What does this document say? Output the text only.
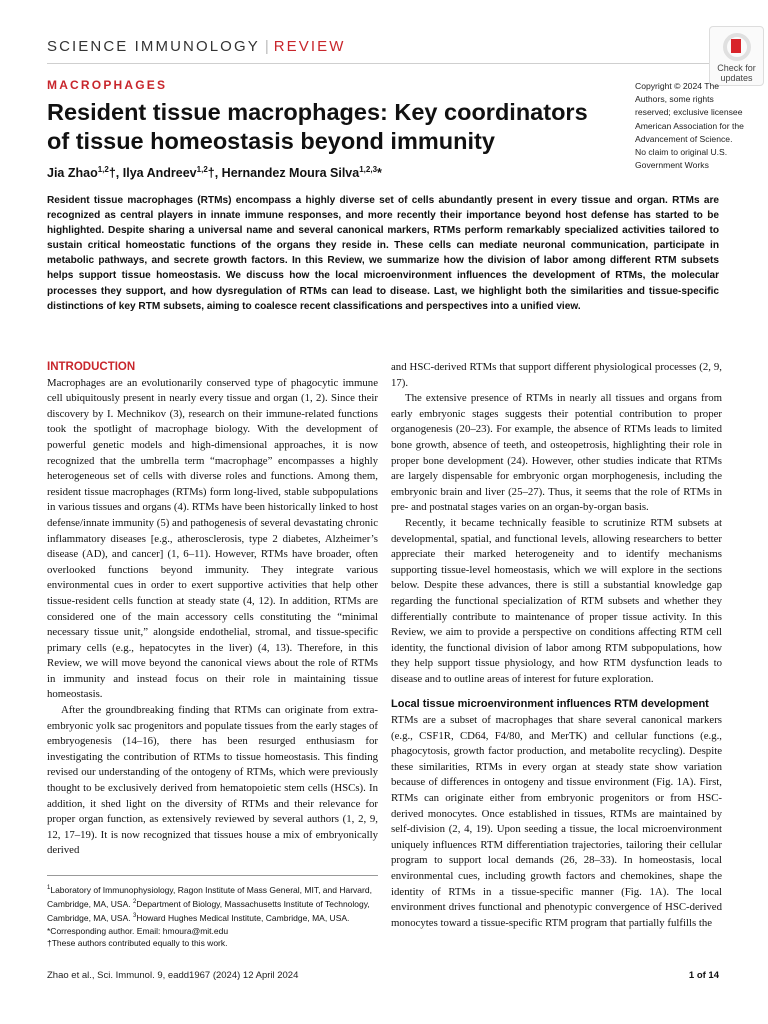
SCIENCE IMMUNOLOGY | REVIEW
Check for
updates
MACROPHAGES
Resident tissue macrophages: Key coordinators of tissue homeostasis beyond immunity
Jia Zhao$^{1,2}$†, Ilya Andreev$^{1,2}$†, Hernandez Moura Silva$^{1,2,3}$*
Copyright © 2024 The Authors, some rights reserved; exclusive licensee American Association for the Advancement of Science. No claim to original U.S. Government Works
Resident tissue macrophages (RTMs) encompass a highly diverse set of cells abundantly present in every tissue and organ. RTMs are recognized as central players in innate immune responses, and more recently their importance beyond host defense has started to be highlighted. Despite sharing a universal name and several canonical markers, RTMs perform remarkably specialized activities tailored to sustain critical homeostatic functions of the organs they reside in. These cells can mediate neuronal communication, participate in metabolic pathways, and secrete growth factors. In this Review, we summarize how the division of labor among different RTM subsets helps support tissue homeostasis. We discuss how the local microenvironment influences the development of RTMs, the molecular processes they support, and how dysregulation of RTMs can lead to disease. Last, we highlight both the similarities and tissue-specific distinctions of key RTM subsets, aiming to coalesce recent classifications and perspectives into a unified view.
INTRODUCTION

Macrophages are an evolutionarily conserved type of phagocytic immune cell ubiquitously present in nearly every tissue and organ (1, 2). Since their discovery by I. Mechnikov (3), research on their immune-related functions took the spotlight of macrophage biology. With the development of powerful genetic models and high-dimensional approaches, it is now recognized that the umbrella term “macrophage” encompasses a highly heterogeneous set of cells with diverse roles and functions. Among them, resident tissue macrophages (RTMs) form long-lived, stable subpopulations in various tissues and organs (4). RTMs have been historically linked to host defense/innate immunity (5) and pathogenesis of several devastating chronic inflammatory diseases [e.g., atherosclerosis, type 2 diabetes, Alzheimer’s disease (AD), and cancer] (1, 6–11). However, RTMs have broader, often overlooked functions beyond immunity. They integrate various environmental cues in order to exert supportive activities that help other tissue-resident cells function at steady state (4, 12). In addition, RTMs are considered one of the main accessory cells constituting the “minimal necessary tissue unit,” alongside endothelial, stromal, and tissue-specific primary cells (e.g., hepatocytes in the liver) (4, 13). Therefore, in this Review, we will move beyond the canonical views about the role of RTMs in immunity and instead focus on their role in maintaining tissue homeostasis.

After the groundbreaking finding that RTMs can originate from extra-embryonic yolk sac progenitors and populate tissues from the early stages of embryogenesis (14–16), there has been resurged enthusiasm for investigating the contribution of RTMs to tissue homeostasis. This finding revised our understanding of the ontogeny of RTMs, which were previously thought to be exclusively derived from hematopoietic stem cells (HSCs). In addition, it shed light on the diversity of RTMs and their relevance for proper organ function, as extensively reviewed by several authors (1, 2, 9, 12, 17–19). It is now recognized that tissues house a mix of embryonically derived

and HSC-derived RTMs that support different physiological processes (2, 9, 17).

The extensive presence of RTMs in nearly all tissues and organs from early embryonic stages suggests their potential contribution to proper organogenesis (20–23). For example, the absence of RTMs leads to limited bone growth, absence of teeth, and osteopetrosis, highlighting their role in proper bone development (24). However, other studies indicate that RTMs are largely dispensable for embryonic organ morphogenesis, including the embryonic brain and liver (25–27). Thus, it seems that the role of RTMs in pre- and postnatal stages varies on an organ-by-organ basis.

Recently, it became technically feasible to scrutinize RTM subsets at developmental, spatial, and functional levels, allowing researchers to better appreciate their marked heterogeneity and to identify mechanisms supporting tissue-level homeostasis, which we will explore in the sections below. Despite these advances, there is still a substantial knowledge gap regarding the functional specialization of RTM subsets and whether they differentially contribute to maintenance of proper tissue activity. In this Review, we aim to provide a perspective on conditions affecting RTM cell identity, the functional division of labor among RTM subpopulations, how they help support tissue physiology, and how RTM dysfunction leads to disease and to outline areas of interest for future exploration.

Local tissue microenvironment influences RTM development

RTMs are a subset of macrophages that share several canonical markers (e.g., CSF1R, CD64, F4/80, and MerTK) and cellular functions (e.g., phagocytosis, growth factor production, and metabolite recycling). Despite these similarities, RTMs in every organ at steady state show variation because of differences in ontogeny and tissue environment (Fig. 1A). First, RTMs can originate either from embryonic progenitors or from HSC-derived monocytes. Once established in tissues, RTMs are maintained by self-division (2, 4, 19). Upon seeding a tissue, the local microenvironment uniquely influences RTM differentiation trajectories, tailoring their cellular program to support local demands (26, 28–33). In homeostasis, local environmental cues, including growth factors and chemokines, shape the identity of RTMs in a tissue-specific manner (Fig. 1A). The local environment drives functional and phenotypic convergence of HSC-derived monocytes toward a tissue-specific RTM program that partially fulfills the

$^1$Laboratory of Immunophysiology, Ragon Institute of Mass General, MIT, and Harvard, Cambridge, MA, USA. $^2$Department of Biology, Massachusetts Institute of Technology, Cambridge, MA, USA. $^3$Howard Hughes Medical Institute, Cambridge, MA, USA.

*Corresponding author. Email: hmoura@mit.edu

†These authors contributed equally to this work.

Zhao et al., Sci. Immunol. 9, eadd1967 (2024) 12 April 2024	1 of 14
